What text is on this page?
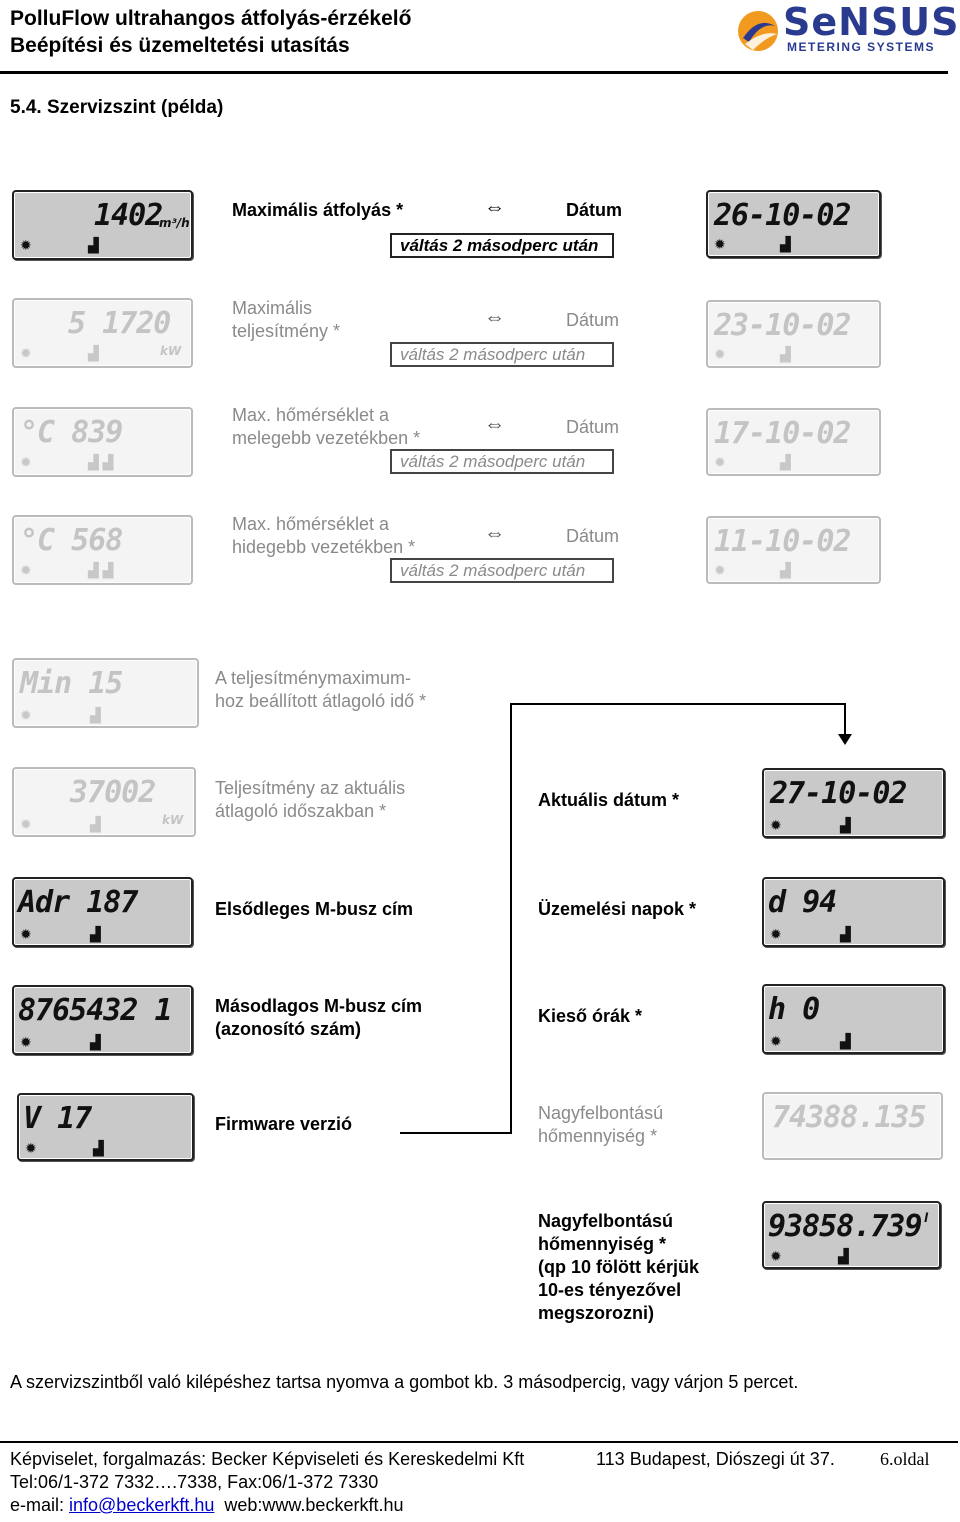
PolluFlow ultrahangos átfolyás-érzékelő
Beépítési és üzemeltetési utasítás
SeNSUS
METERING SYSTEMS
5.4. Szervizszint (példa)
1402
m³/h
✹	▟
Maximális átfolyás *	⇔	Dátum
váltás 2 másodperc után
26-10-02
✹	▟
5 1720
kW
✹	▟
Maximális
teljesítmény *
⇔	Dátum
váltás 2 másodperc után
23-10-02
✹	▟
°C 839
✹	▟ ▟
Max. hőmérséklet a
melegebb vezetékben *
⇔	Dátum
váltás 2 másodperc után
17-10-02
✹	▟
°C 568
✹	▟ ▟
Max. hőmérséklet a
hidegebb vezetékben *
⇔	Dátum
váltás 2 másodperc után
11-10-02
✹	▟
Min 15
✹	▟
A teljesítménymaximum-
hoz beállított átlagoló idő *
37002
kW
✹	▟
Teljesítmény az aktuális
átlagoló időszakban *
Adr 187
✹	▟
Elsődleges M-busz cím
8765432 1
✹	▟
Másodlagos M-busz cím
(azonosító szám)
V 17
✹	▟
Firmware verzió
Aktuális dátum *	27-10-02
✹	▟
Üzemelési napok * d 94
✹	▟
Kieső órák *	h 0
✹	▟
Nagyfelbontású
hőmennyiség *
74388.135
Nagyfelbontású
hőmennyiség *
(qp 10 fölött kérjük
10-es tényezővel
megszorozni)
93858.739 l
✹	▟
A szervizszintből való kilépéshez tartsa nyomva a gombot kb. 3 másodpercig, vagy várjon 5 percet.
Képviselet, forgalmazás: Becker Képviseleti és Kereskedelmi Kft	113 Budapest, Diószegi út 37.	6.oldal
Tel:06/1-372 7332….7338, Fax:06/1-372 7330
e-mail: info@beckerkft.hu web:www.beckerkft.hu
